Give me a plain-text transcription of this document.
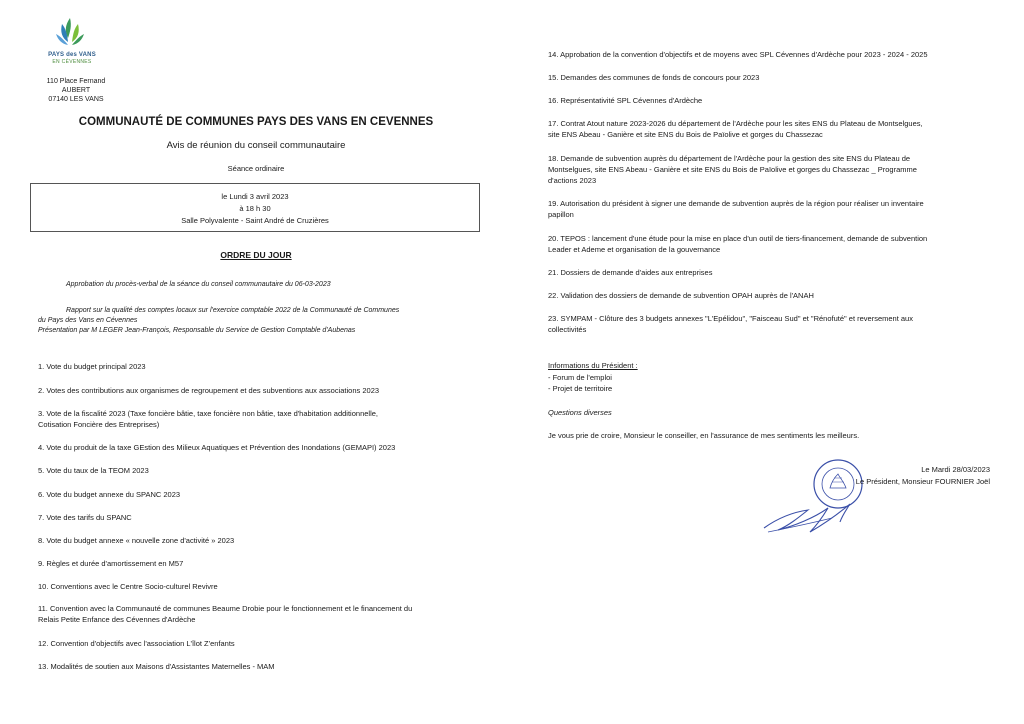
PAYS des VANS
EN CÉVENNES
110 Place Fernand AUBERT
07140 LES VANS
COMMUNAUTÉ DE COMMUNES PAYS DES VANS EN CEVENNES
Avis de réunion du conseil communautaire
Séance ordinaire
le Lundi 3 avril 2023
à 18 h 30
Salle Polyvalente - Saint André de Cruzières
ORDRE DU JOUR
Approbation du procès-verbal de la séance du conseil communautaire du 06-03-2023
Rapport sur la qualité des comptes locaux sur l'exercice comptable 2022 de la Communauté de Communes
du Pays des Vans en Cévennes
Présentation par M LEGER Jean-François, Responsable du Service de Gestion Comptable d'Aubenas
1. Vote du budget principal 2023
2. Votes des contributions aux organismes de regroupement et des subventions aux associations 2023
3. Vote de la fiscalité 2023 (Taxe foncière bâtie, taxe foncière non bâtie, taxe d'habitation additionnelle,
Cotisation Foncière des Entreprises)
4. Vote du produit de la taxe GEstion des Milieux Aquatiques et Prévention des Inondations (GEMAPI) 2023
5. Vote du taux de la TEOM 2023
6. Vote du budget annexe du SPANC 2023
7. Vote des tarifs du SPANC
8. Vote du budget annexe « nouvelle zone d'activité » 2023
9. Règles et durée d'amortissement en M57
10. Conventions avec le Centre Socio-culturel Revivre
11. Convention avec la Communauté de communes Beaume Drobie pour le fonctionnement et le financement du
Relais Petite Enfance des Cévennes d'Ardèche
12. Convention d'objectifs avec l'association L'îlot Z'enfants
13. Modalités de soutien aux Maisons d'Assistantes Maternelles - MAM
14. Approbation de la convention d'objectifs et de moyens avec SPL Cévennes d'Ardèche pour 2023 - 2024 - 2025
15. Demandes des communes de fonds de concours pour 2023
16. Représentativité SPL Cévennes d'Ardèche
17. Contrat Atout nature 2023-2026 du département de l'Ardèche pour les sites ENS du Plateau de Montselgues,
site ENS Abeau - Ganière et site ENS du Bois de Païolive et gorges du Chassezac
18. Demande de subvention auprès du département de l'Ardèche pour la gestion des site ENS du Plateau de
Montselgues, site ENS Abeau - Ganière et site ENS du Bois de Païolive et gorges du Chassezac _ Programme
d'actions 2023
19. Autorisation du président à signer une demande de subvention auprès de la région pour réaliser un inventaire
papillon
20. TEPOS : lancement d'une étude pour la mise en place d'un outil de tiers-financement, demande de subvention
Leader et Ademe et organisation de la gouvernance
21. Dossiers de demande d'aides aux entreprises
22. Validation des dossiers de demande de subvention OPAH auprès de l'ANAH
23. SYMPAM - Clôture des 3 budgets annexes "L'Epélidou", "Faisceau Sud" et "Rénofuté" et reversement aux
collectivités
Informations du Président :
- Forum de l'emploi
- Projet de territoire
Questions diverses
Je vous prie de croire, Monsieur le conseiller, en l'assurance de mes sentiments les meilleurs.
Le Mardi 28/03/2023
Le Président, Monsieur FOURNIER Joël
